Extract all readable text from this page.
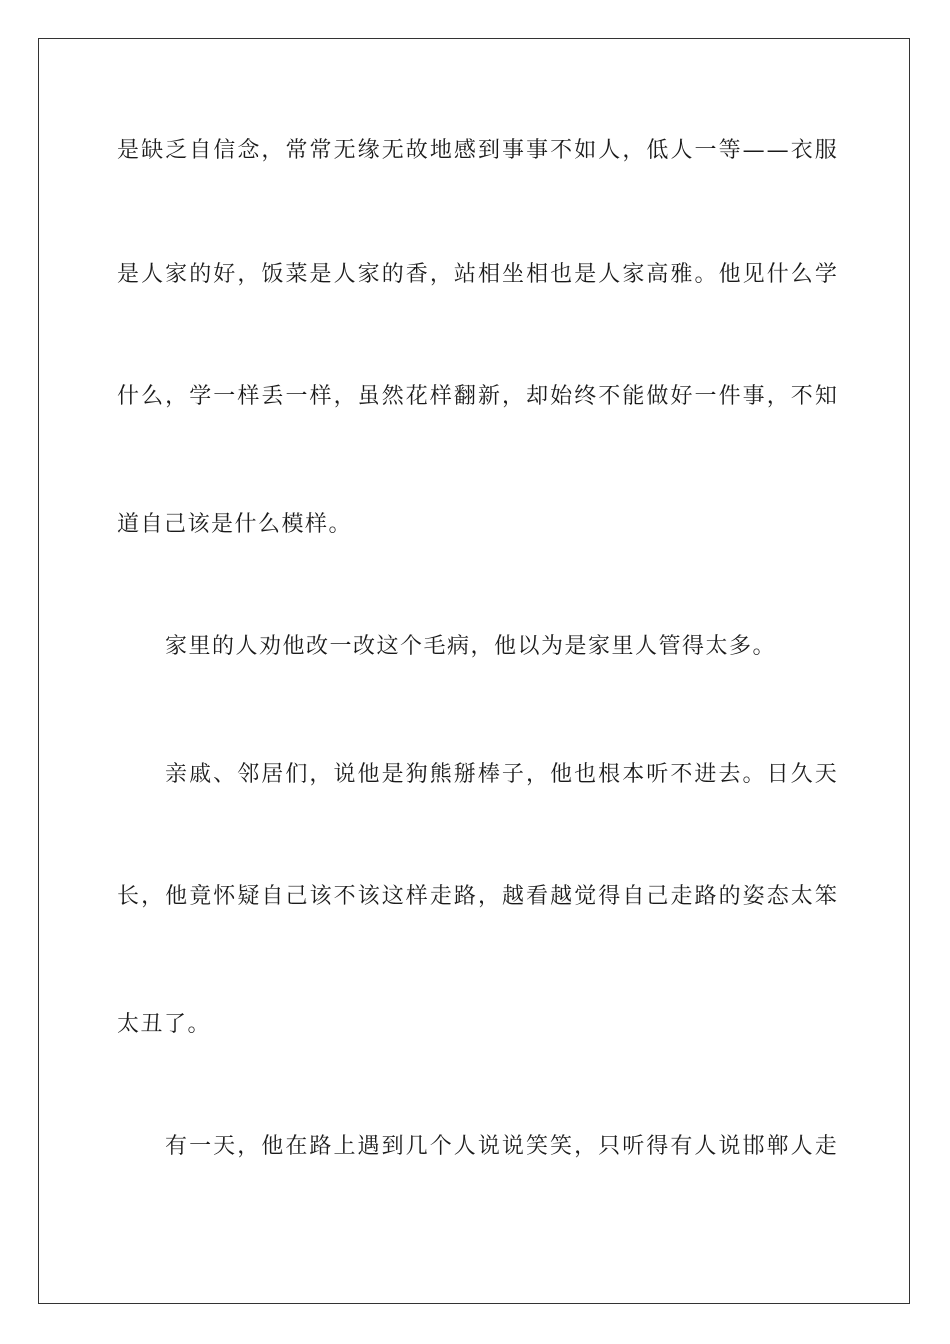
是 缺 乏 自 信 念 ， 常 常 无 缘 无 故 地 感 到 事 事 不 如 人 ， 低 人 一 等 — — 衣 服
是 人 家 的 好 ， 饭 菜 是 人 家 的 香 ， 站 相 坐 相 也 是 人 家 高 雅 。 他 见 什 么 学
什 么 ， 学 一 样 丢 一 样 ， 虽 然 花 样 翻 新 ， 却 始 终 不 能 做 好 一 件 事 ， 不 知
道自己该是什么模样。
家里的人劝他改一改这个毛病，他以为是家里人管得太多。
亲 戚 、 邻 居 们 ， 说 他 是 狗 熊 掰 棒 子 ， 他 也 根 本 听 不 进 去 。 日 久 天
长 ， 他 竟 怀 疑 自 己 该 不 该 这 样 走 路 ， 越 看 越 觉 得 自 己 走 路 的 姿 态 太 笨
太丑了。
有 一 天 ， 他 在 路 上 遇 到 几 个 人 说 说 笑 笑 ， 只 听 得 有 人 说 邯 郸 人 走
